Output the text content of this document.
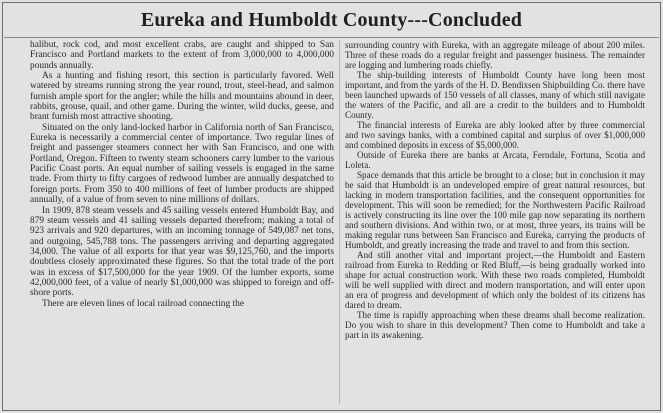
Eureka and Humboldt County---Concluded

halibut, rock cod, and most excellent crabs, are caught and shipped to San Francisco and Portland markets to the extent of from 3,000,000 to 4,000,000 pounds annually.

As a hunting and fishing resort, this section is particularly favored. Well watered by streams running strong the year round, trout, steel-head, and salmon furnish ample sport for the angler; while the hills and mountains abound in deer, rabbits, grouse, quail, and other game. During the winter, wild ducks, geese, and brant furnish most attractive shooting.

Situated on the only land-locked harbor in California north of San Francisco, Eureka is necessarily a commercial center of importance. Two regular lines of freight and passenger steamers connect her with San Francisco, and one with Portland, Oregon. Fifteen to twenty steam schooners carry lumber to the various Pacific Coast ports. An equal number of sailing vessels is engaged in the same trade. From thirty to fifty cargoes of redwood lumber are annually despatched to foreign ports. From 350 to 400 millions of feet of lumber products are shipped annually, of a value of from seven to nine millions of dollars.

In 1909, 878 steam vessels and 45 sailing vessels entered Humboldt Bay, and 879 steam vessels and 41 sailing vessels departed therefrom; making a total of 923 arrivals and 920 departures, with an incoming tonnage of 549,087 net tons, and outgoing, 545,788 tons. The passengers arriving and departing aggregated 34,000. The value of all exports for that year was $9,125,760, and the imports doubtless closely approximated these figures. So that the total trade of the port was in excess of $17,500,000 for the year 1909. Of the lumber exports, some 42,000,000 feet, of a value of nearly $1,000,000 was shipped to foreign and off-shore ports.

There are eleven lines of local railroad connecting the

surrounding country with Eureka, with an aggregate mileage of about 200 miles. Three of these roads do a regular freight and passenger business. The remainder are logging and lumbering roads chiefly.

The ship-building interests of Humboldt County have long been most important, and from the yards of the H. D. Bendixsen Shipbuilding Co. there have been launched upwards of 150 vessels of all classes, many of which still navigate the waters of the Pacific, and all are a credit to the builders and to Humboldt County.

The financial interests of Eureka are ably looked after by three commercial and two savings banks, with a combined capital and surplus of over $1,000,000 and combined deposits in excess of $5,000,000.

Outside of Eureka there are banks at Arcata, Ferndale, Fortuna, Scotia and Loleta.

Space demands that this article be brought to a close; but in conclusion it may be said that Humboldt is an undeveloped empire of great natural resources, but lacking in modern transportation facilities, and the consequent opportunities for development. This will soon be remedied; for the Northwestern Pacific Railroad is actively constructing its line over the 100 mile gap now separating its northern and southern divisions. And within two, or at most, three years, its trains will be making regular runs between San Francisco and Eureka, carrying the products of Humboldt, and greatly increasing the trade and travel to and from this section.

And still another vital and important project,—the Humboldt and Eastern railroad from Eureka to Redding or Red Bluff,—is being gradually worked into shape for actual construction work. With these two roads completed, Humboldt will be well supplied with direct and modern transportation, and will enter upon an era of progress and development of which only the boldest of its citizens has dared to dream.

The time is rapidly approaching when these dreams shall become realization. Do you wish to share in this development? Then come to Humboldt and take a part in its awakening.
